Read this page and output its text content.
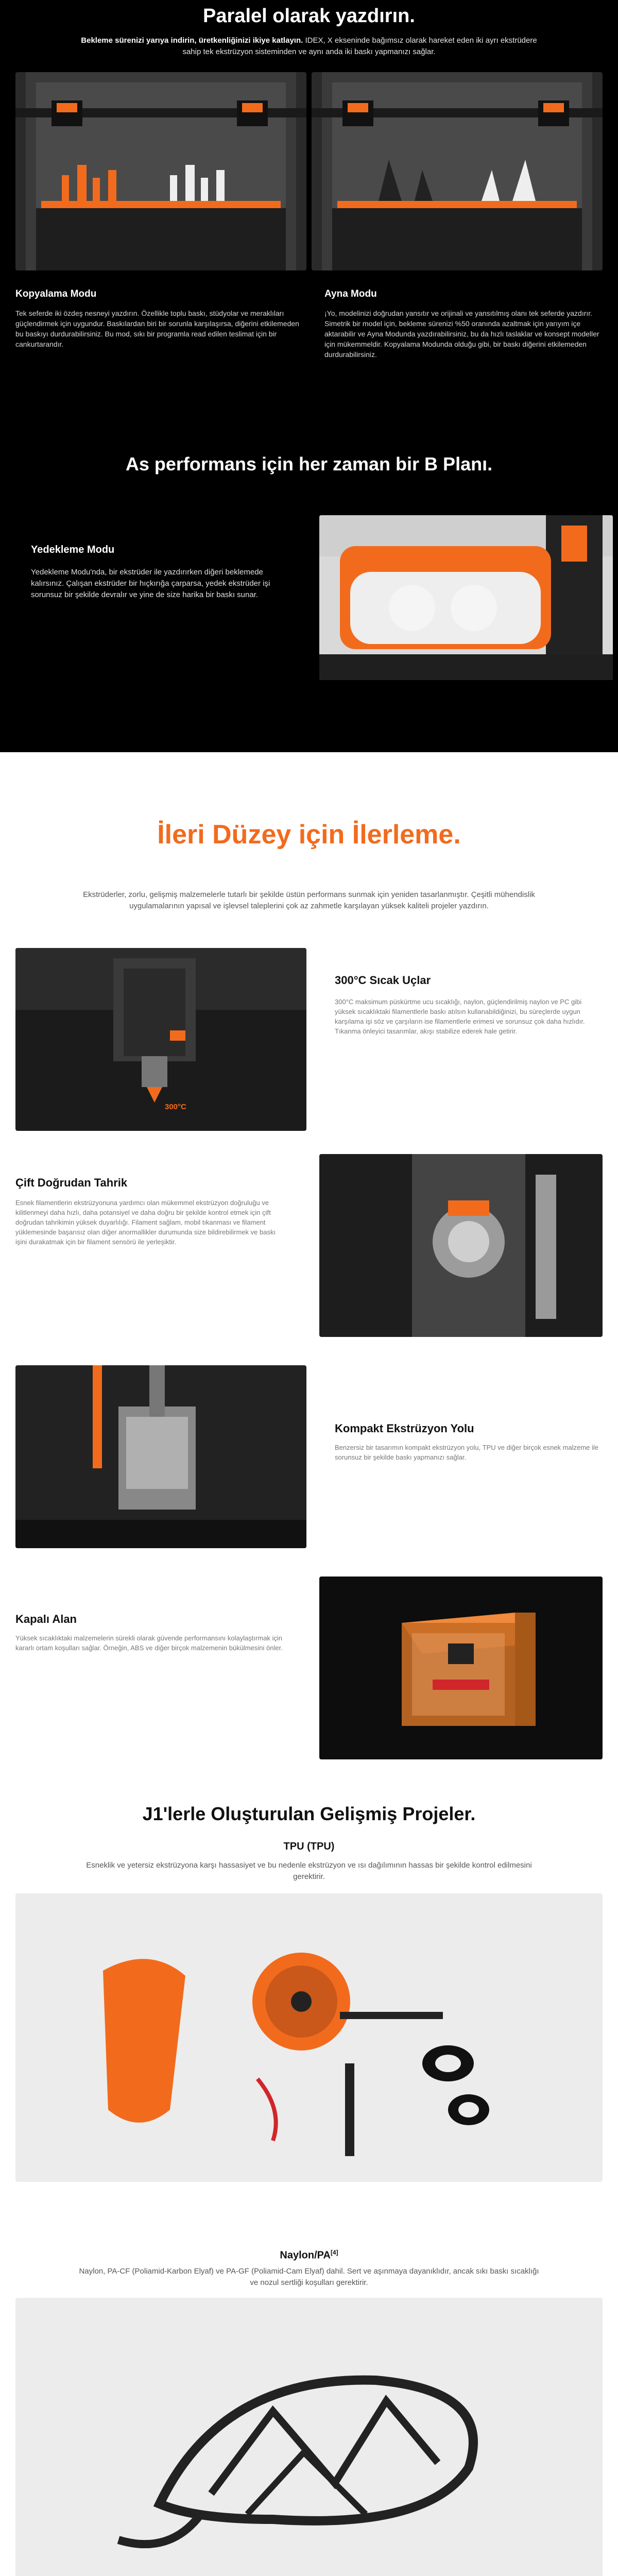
Paralel olarak yazdırın.

Bekleme sürenizi yarıya indirin, üretkenliğinizi ikiye katlayın. IDEX, X ekseninde bağımsız olarak hareket eden iki ayrı ekstrüdere sahip tek ekstrüzyon sisteminden ve aynı anda iki baskı yapmanızı sağlar.

Kopyalama Modu

Tek seferde iki özdeş nesneyi yazdırın. Özellikle toplu baskı, stüdyolar ve meraklıları güçlendirmek için uygundur. Baskılardan biri bir sorunla karşılaşırsa, diğerini etkilemeden bu baskıyı durdurabilirsiniz. Bu mod, sıkı bir programla read edilen teslimat için bir cankurtarandır.

Ayna Modu

¡Yo, modelinizi doğrudan yansıtır ve orijinali ve yansıtılmış olanı tek seferde yazdırır. Simetrik bir model için, bekleme sürenizi %50 oranında azaltmak için yarıyım içe aktarabilir ve Ayna Modunda yazdırabilirsiniz, bu da hızlı taslaklar ve konsept modeller için mükemmeldir. Kopyalama Modunda olduğu gibi, bir baskı diğerini etkilemeden durdurabilirsiniz.

As performans için her zaman bir B Planı.
Yedekleme Modu

Yedekleme Modu'nda, bir ekstrüder ile yazdırırken diğeri beklemede kalırsınız. Çalışan ekstrüder bir hıçkırığa çarparsa, yedek ekstrüder işi sorunsuz bir şekilde devralır ve yine de size harika bir baskı sunar.

İleri Düzey için İlerleme.

Ekstrüderler, zorlu, gelişmiş malzemelerle tutarlı bir şekilde üstün performans sunmak için yeniden tasarlanmıştır. Çeşitli mühendislik uygulamalarının yapısal ve işlevsel taleplerini çok az zahmetle karşılayan yüksek kaliteli projeler yazdırın.

300°C
300°C Sıcak Uçlar

300°C maksimum püskürtme ucu sıcaklığı, naylon, güçlendirilmiş naylon ve PC gibi yüksek sıcaklıktaki filamentlerle baskı atılsın kullanabildiğinizi, bu süreçlerde uygun karşılama işi söz ve çarşıların ise filamentlerle erimesi ve sorunsuz çok daha hızlıdır. Tıkanma önleyici tasarımlar, akışı stabilize ederek hale getirir.

Çift Doğrudan Tahrik

Esnek filamentlerin ekstrüzyonuna yardımcı olan mükemmel ekstrüzyon doğruluğu ve kilitlenmeyi daha hızlı, daha potansiyel ve daha doğru bir şekilde kontrol etmek için çift doğrudan tahrikimin yüksek duyarlılığı. Filament sağlam, mobil tıkanması ve filament yüklemesinde başarısız olan diğer anormallikler durumunda size bildirebilirmek ve baskı işini durakatmak için bir filament sensörü ile yerleşiktir.

Kompakt Ekstrüzyon Yolu

Benzersiz bir tasarımın kompakt ekstrüzyon yolu, TPU ve diğer birçok esnek malzeme ile sorunsuz bir şekilde baskı yapmanızı sağlar.

Kapalı Alan

Yüksek sıcaklıktaki malzemelerin sürekli olarak güvende performansını kolaylaştırmak için kararlı ortam koşulları sağlar. Örneğin, ABS ve diğer birçok malzemenin bükülmesini önler.

J1'lerle Oluşturulan Gelişmiş Projeler.
TPU (TPU)

Esneklik ve yetersiz ekstrüzyona karşı hassasiyet ve bu nedenle ekstrüzyon ve ısı dağılımının hassas bir şekilde kontrol edilmesini gerektirir.

Naylon/PA[4]

Naylon, PA-CF (Poliamid-Karbon Elyaf) ve PA-GF (Poliamid-Cam Elyaf) dahil. Sert ve aşınmaya dayanıklıdır, ancak sıkı baskı sıcaklığı ve nozul sertliği koşulları gerektirir.
